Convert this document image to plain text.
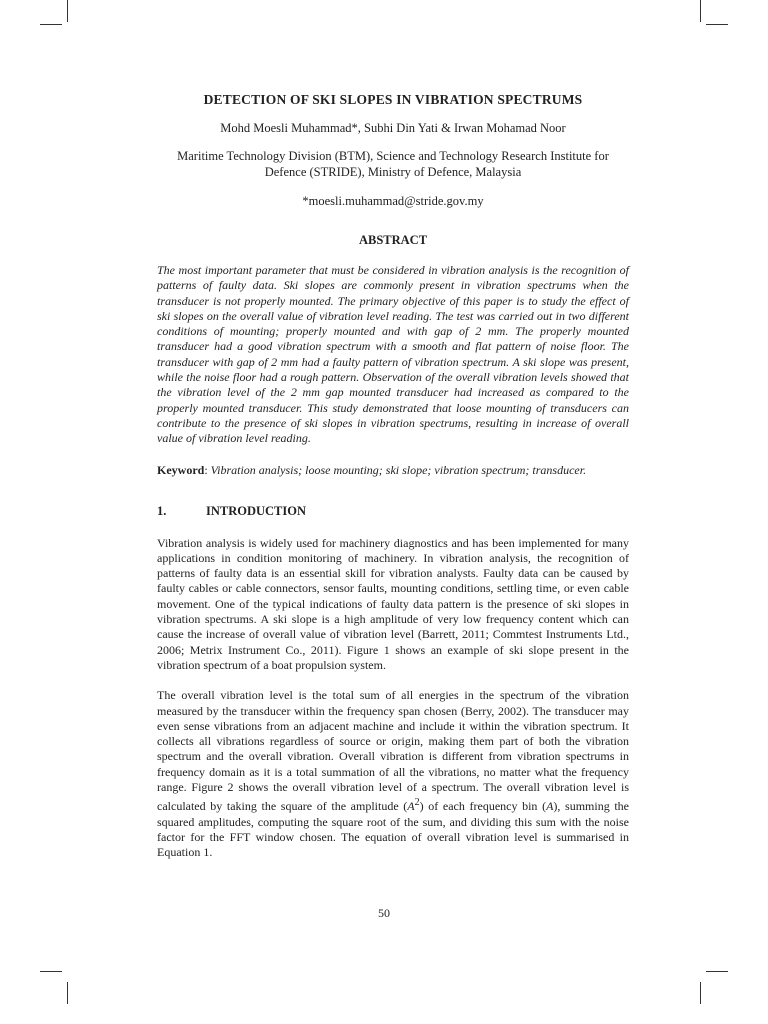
DETECTION OF SKI SLOPES IN VIBRATION SPECTRUMS

Mohd Moesli Muhammad*, Subhi Din Yati & Irwan Mohamad Noor

Maritime Technology Division (BTM), Science and Technology Research Institute for Defence (STRIDE), Ministry of Defence, Malaysia

*moesli.muhammad@stride.gov.my

ABSTRACT

The most important parameter that must be considered in vibration analysis is the recognition of patterns of faulty data. Ski slopes are commonly present in vibration spectrums when the transducer is not properly mounted. The primary objective of this paper is to study the effect of ski slopes on the overall value of vibration level reading. The test was carried out in two different conditions of mounting; properly mounted and with gap of 2 mm. The properly mounted transducer had a good vibration spectrum with a smooth and flat pattern of noise floor. The transducer with gap of 2 mm had a faulty pattern of vibration spectrum. A ski slope was present, while the noise floor had a rough pattern. Observation of the overall vibration levels showed that the vibration level of the 2 mm gap mounted transducer had increased as compared to the properly mounted transducer. This study demonstrated that loose mounting of transducers can contribute to the presence of ski slopes in vibration spectrums, resulting in increase of overall value of vibration level reading.

Keyword: Vibration analysis; loose mounting; ski slope; vibration spectrum; transducer.

1.	INTRODUCTION

Vibration analysis is widely used for machinery diagnostics and has been implemented for many applications in condition monitoring of machinery. In vibration analysis, the recognition of patterns of faulty data is an essential skill for vibration analysts. Faulty data can be caused by faulty cables or cable connectors, sensor faults, mounting conditions, settling time, or even cable movement. One of the typical indications of faulty data pattern is the presence of ski slopes in vibration spectrums. A ski slope is a high amplitude of very low frequency content which can cause the increase of overall value of vibration level (Barrett, 2011; Commtest Instruments Ltd., 2006; Metrix Instrument Co., 2011). Figure 1 shows an example of ski slope present in the vibration spectrum of a boat propulsion system.

The overall vibration level is the total sum of all energies in the spectrum of the vibration measured by the transducer within the frequency span chosen (Berry, 2002). The transducer may even sense vibrations from an adjacent machine and include it within the vibration spectrum. It collects all vibrations regardless of source or origin, making them part of both the vibration spectrum and the overall vibration. Overall vibration is different from vibration spectrums in frequency domain as it is a total summation of all the vibrations, no matter what the frequency range. Figure 2 shows the overall vibration level of a spectrum. The overall vibration level is calculated by taking the square of the amplitude $(A^2)$ of each frequency bin (A), summing the squared amplitudes, computing the square root of the sum, and dividing this sum with the noise factor for the FFT window chosen. The equation of overall vibration level is summarised in Equation 1.

50
